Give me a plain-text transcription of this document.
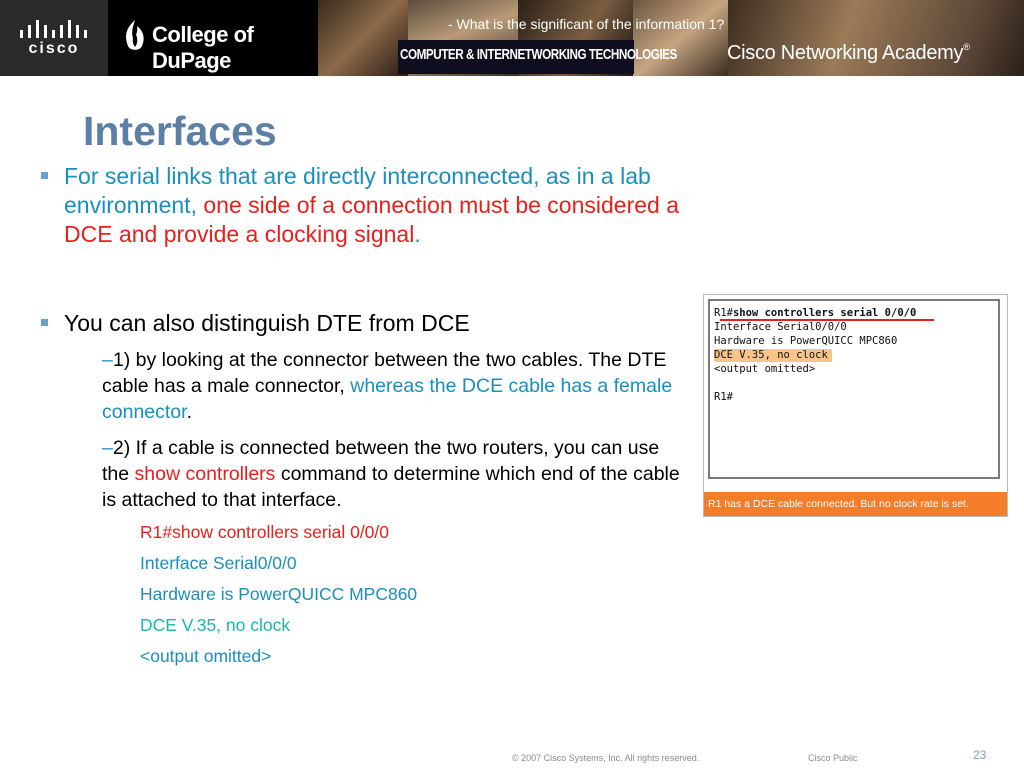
cisco
College of DuPage	COMPUTER & INTERNETWORKING TECHNOLOGIES	Cisco Networking Academy®
- What is the significant of the information 1?
Interfaces
For serial links that are directly interconnected, as in a lab environment, one side of a connection must be considered a DCE and provide a clocking signal.
You can also distinguish DTE from DCE
–1) by looking at the connector between the two cables. The DTE cable has a male connector, whereas the DCE cable has a female connector.
–2) If a cable is connected between the two routers, you can use the show controllers command to determine which end of the cable is attached to that interface.
R1#show controllers serial 0/0/0
Interface Serial0/0/0
Hardware is PowerQUICC MPC860
DCE V.35, no clock
<output omitted>
R1#show controllers serial 0/0/0
Interface Serial0/0/0
Hardware is PowerQUICC MPC860
DCE V.35, no clock
<output omitted>
R1#
R1 has a DCE cable connected. But no clock rate is set.
© 2007 Cisco Systems, Inc. All rights reserved.	Cisco Public	23
